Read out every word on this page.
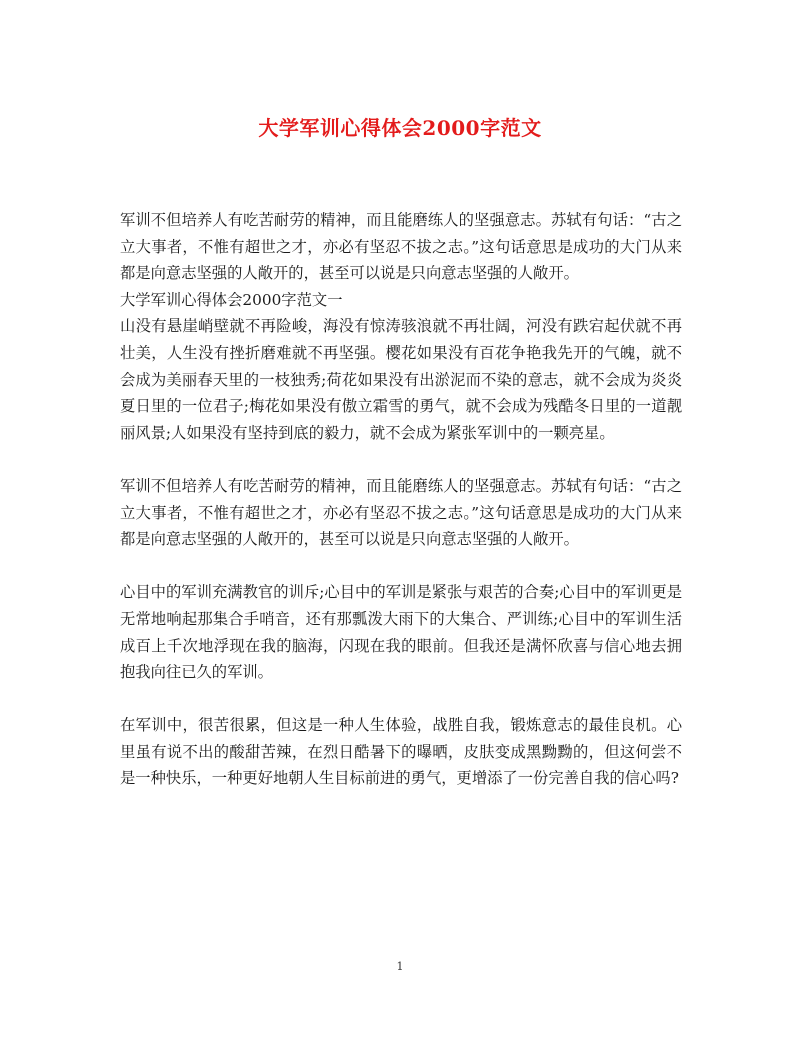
大学军训心得体会2000字范文

军训不但培养人有吃苦耐劳的精神，而且能磨练人的坚强意志。苏轼有句话：“古之立大事者，不惟有超世之才，亦必有坚忍不拔之志。”这句话意思是成功的大门从来都是向意志坚强的人敞开的，甚至可以说是只向意志坚强的人敞开。

大学军训心得体会2000字范文一

山没有悬崖峭壁就不再险峻，海没有惊涛骇浪就不再壮阔，河没有跌宕起伏就不再壮美，人生没有挫折磨难就不再坚强。樱花如果没有百花争艳我先开的气魄，就不会成为美丽春天里的一枝独秀;荷花如果没有出淤泥而不染的意志，就不会成为炎炎夏日里的一位君子;梅花如果没有傲立霜雪的勇气，就不会成为残酷冬日里的一道靓丽风景;人如果没有坚持到底的毅力，就不会成为紧张军训中的一颗亮星。

军训不但培养人有吃苦耐劳的精神，而且能磨练人的坚强意志。苏轼有句话：“古之立大事者，不惟有超世之才，亦必有坚忍不拔之志。”这句话意思是成功的大门从来都是向意志坚强的人敞开的，甚至可以说是只向意志坚强的人敞开。

心目中的军训充满教官的训斥;心目中的军训是紧张与艰苦的合奏;心目中的军训更是无常地响起那集合手哨音，还有那瓢泼大雨下的大集合、严训练;心目中的军训生活成百上千次地浮现在我的脑海，闪现在我的眼前。但我还是满怀欣喜与信心地去拥抱我向往已久的军训。

在军训中，很苦很累，但这是一种人生体验，战胜自我，锻炼意志的最佳良机。心里虽有说不出的酸甜苦辣，在烈日酷暑下的曝晒，皮肤变成黑黝黝的，但这何尝不是一种快乐，一种更好地朝人生目标前进的勇气，更增添了一份完善自我的信心吗?

1
